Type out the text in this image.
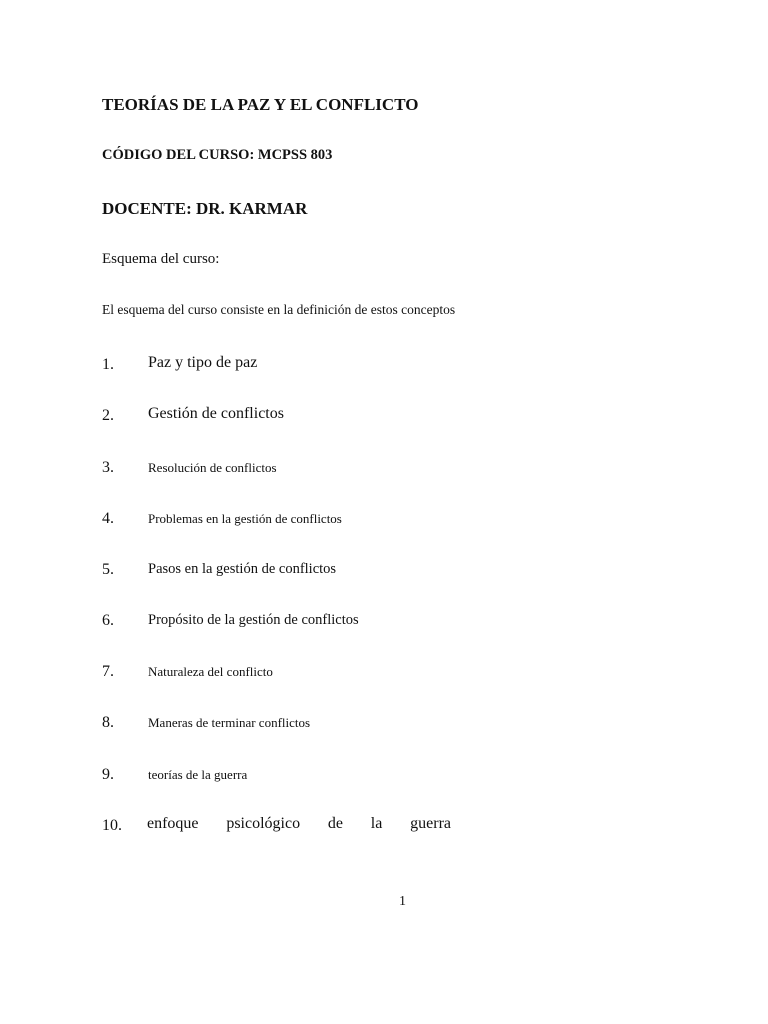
TEORÍAS DE LA PAZ Y EL CONFLICTO
CÓDIGO DEL CURSO: MCPSS 803
DOCENTE: DR. KARMAR
Esquema del curso:
El esquema del curso consiste en la definición de estos conceptos
1. Paz y tipo de paz
2. Gestión de conflictos
3.	Resolución de conflictos
4.	Problemas en la gestión de conflictos
5. Pasos en la gestión de conflictos
6. Propósito de la gestión de conflictos
7.	Naturaleza del conflicto
8.	Maneras de terminar conflictos
9.	teorías de la guerra
10. enfoque psicológico de la guerra
1
